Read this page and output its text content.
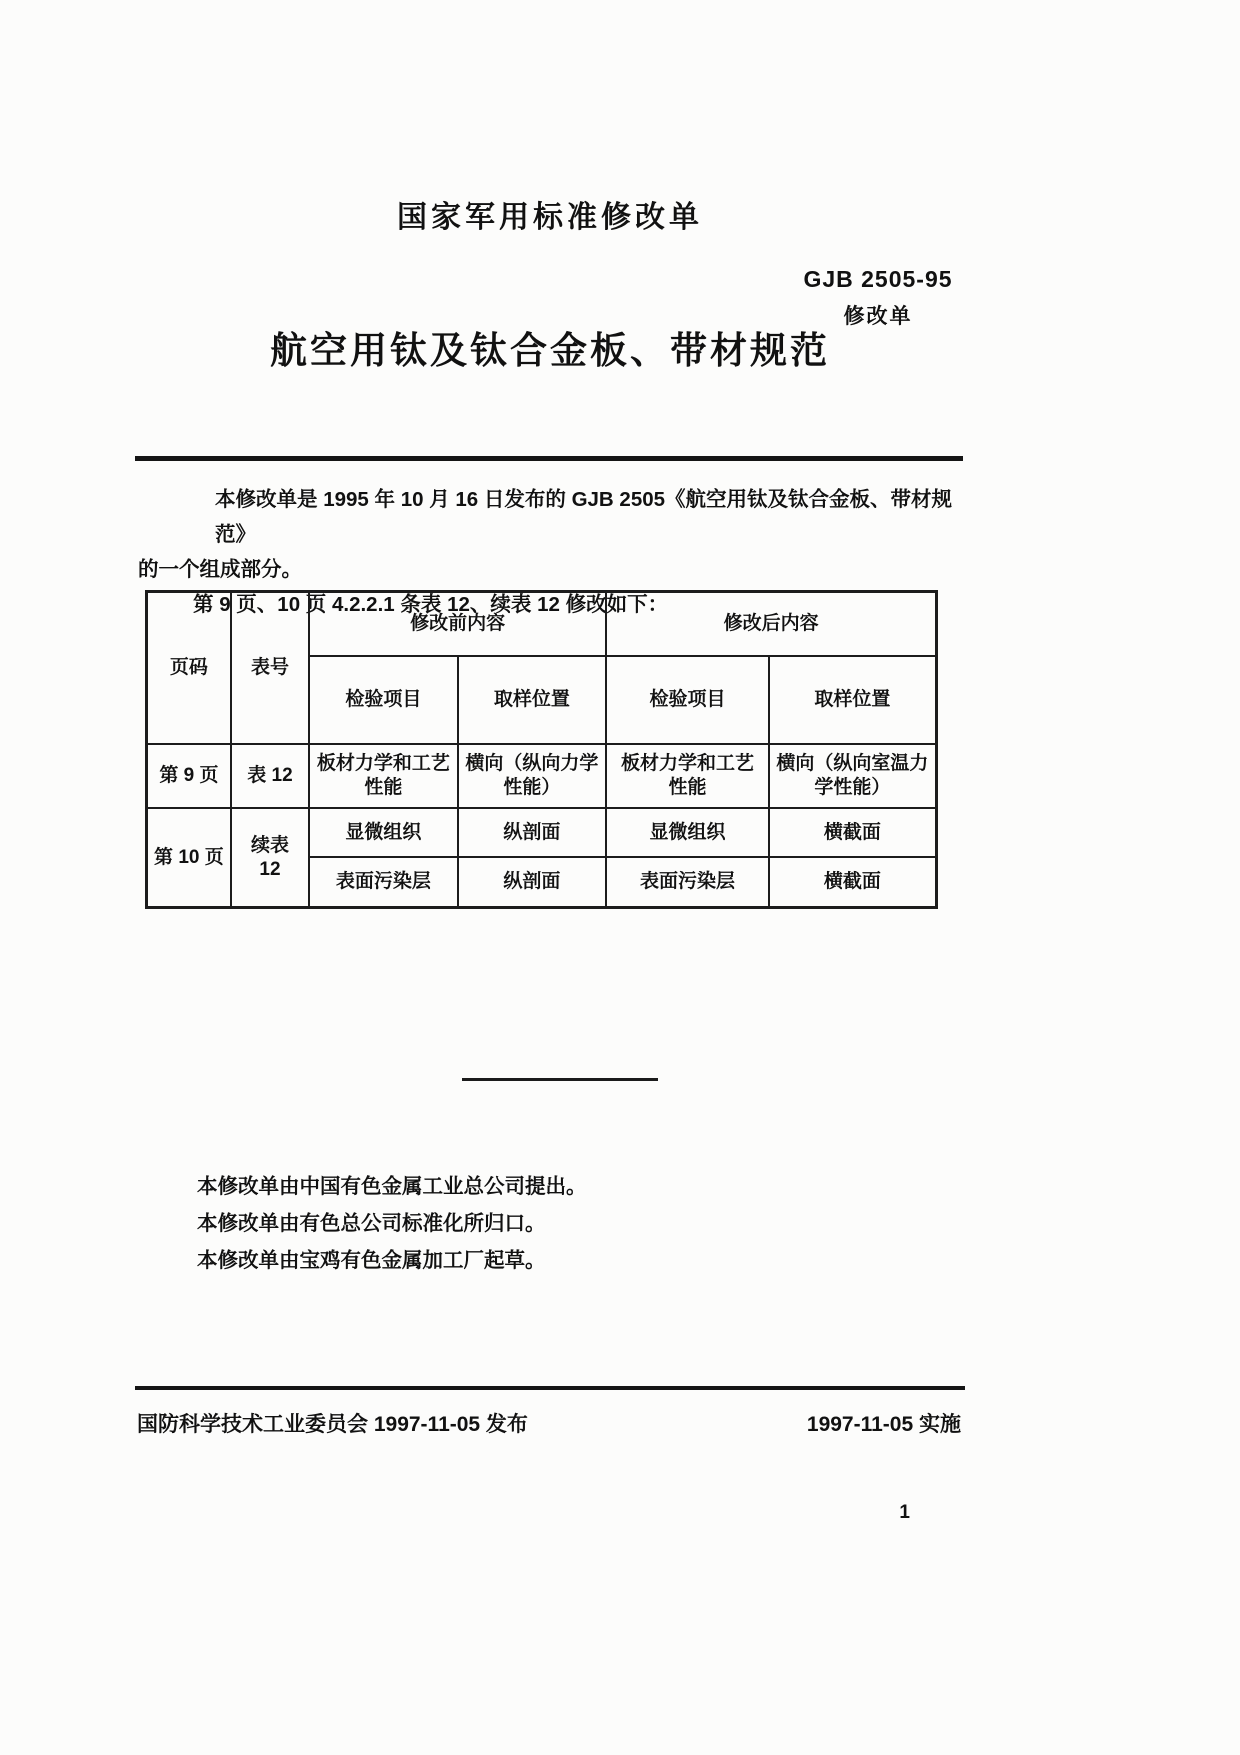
国家军用标准修改单
GJB 2505-95
修改单
航空用钛及钛合金板、带材规范
本修改单是 1995 年 10 月 16 日发布的 GJB 2505《航空用钛及钛合金板、带材规范》
的一个组成部分。
第 9 页、10 页 4.2.2.1 条表 12、续表 12 修改如下：
页码	表号	修改前内容		修改后内容	
		检验项目	取样位置	检验项目	取样位置
第 9 页	表 12	板材力学和工艺性能	横向（纵向力学性能）	板材力学和工艺性能	横向（纵向室温力学性能）
第 10 页	续表 12	显微组织	纵剖面	显微组织	横截面
		表面污染层	纵剖面	表面污染层	横截面
本修改单由中国有色金属工业总公司提出。
本修改单由有色总公司标准化所归口。
本修改单由宝鸡有色金属加工厂起草。
国防科学技术工业委员会 1997-11-05 发布	1997-11-05 实施
1
